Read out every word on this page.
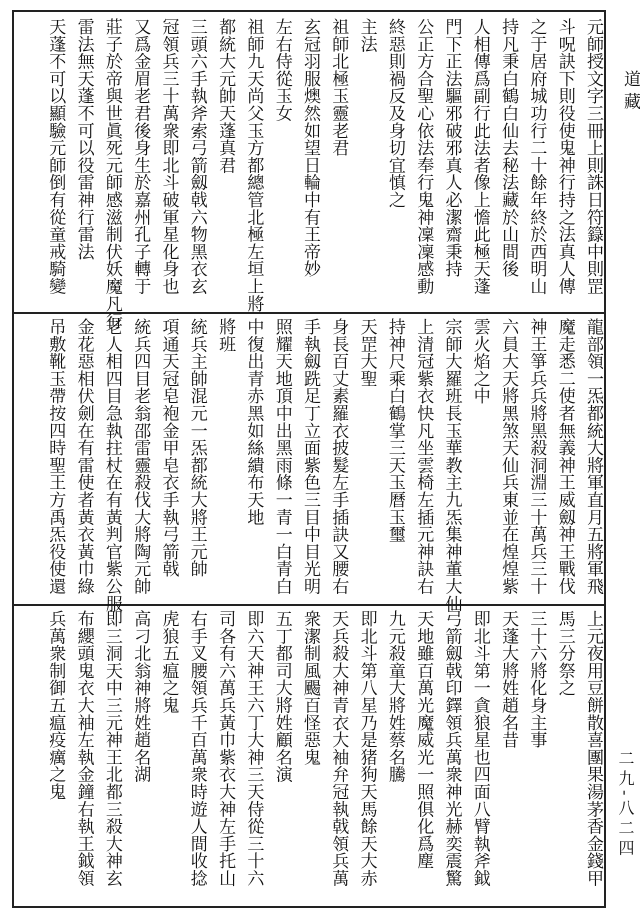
道 藏
二九-八二四
元師授文字三冊上則誅日符籙中則罡
斗呪訣下則役使鬼神行持之法真人傳
之于居府城功行二十餘年終於西明山
持凡秉白鶴白仙去秘法藏於山間後
人相傳爲副行此法者像上憺此極天蓬
門下正法驅邪破邪真人必潔齋秉持
公正方合聖心依法奉行鬼神凜凜感動
終惡則禍反及身切宜慎之
主法
祖師北極玉靈老君
玄冠羽服燠然如望日輪中有王帝妙
左右侍從玉女
祖師九天尚父玉方都總管北極左垣上將
都統大元帥天蓬真君
三頭六手執斧索弓箭劔戟六物黑衣玄
冠領兵三十萬衆即北斗破軍星化身也
又爲金眉老君後身生於嘉州孔子轉于
莊子於帝與世眞死元師感滋制伏妖魔凡行
雷法無天蓬不可以役雷神行雷法
天蓬不可以顯驗元師倒有從童戒騎變
龍部領一炁都統大將軍直月五將軍飛
魔走悉二使者無義神王威劔神王戰伐
神王箏兵兵將黑殺洞淵三十萬兵三十
六員大天將黑煞天仙兵東並在煌煌紫
雲火焰之中
宗師大羅班長玉華教主九炁集神董大仙
上清冠紫衣快凡坐雲椅左插元神訣右
持神尺乘白鶴掌三天玉曆玉璽
天罡大聖
身長百丈素羅衣披髮左手插訣又腰右
手執劔跣足丁立面紫色三目中目光明
照耀天地頂中出黑雨條一青一白青白
中復出青赤黑如絲繢布天地
將班
統兵主帥混元一炁都統大將王元帥
項通天冠皂袍金甲皂衣手執弓箭戟
統兵四目老翁邵雷靈殺伐大將陶元帥
老人相四目急執拄杖在有黃判官紫公服
金花惡相伏劍在有雷使者黃衣黃巾綠
吊敷靴玉帶按四時聖王方禹炁役使還
上元夜用豆餅散喜團果湯茅香金錢甲
馬三分祭之
三十六將化身主事
天蓬大將姓趙名昔
即北斗第一貪狼星也四面八臂執斧鉞
弓箭劔戟印鐸領兵萬衆神光赫奕震驚
天地雖百萬光魔威光一照俱化爲塵
九元殺童大將姓蔡名騰
即北斗第八星乃是猪狗天馬餘天大赤
天兵殺大神青衣大袖弁冠執戟領兵萬
衆潔制風颺百怪惡鬼
五丁都司大將姓顧名演
即六天神王六丁大神三天侍從三十六
司各有六萬兵黃巾紫衣大神左手托山
右手叉腰領兵千百萬衆時遊人間收捻
虎狼五瘟之鬼
高刁北翁神將姓趙名湖
即三洞天中三元神王北都三殺大神玄
布纓頭鬼衣大袖左執金鐘右執王鉞領
兵萬衆制御五瘟疫癘之鬼
